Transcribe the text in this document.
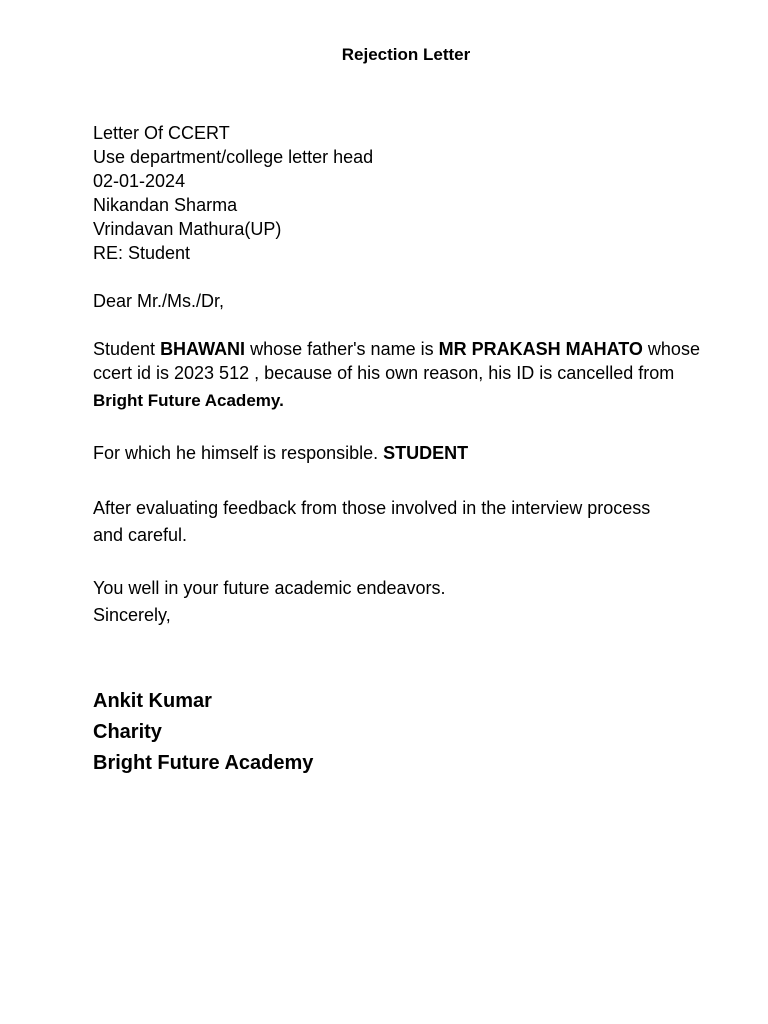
Rejection Letter
Letter Of CCERT
Use department/college letter head
02-01-2024
Nikandan Sharma
Vrindavan Mathura(UP)
RE: Student
Dear Mr./Ms./Dr,
Student BHAWANI whose father's name is MR PRAKASH MAHATO whose
ccert id is 2023 512 , because of his own reason, his ID is cancelled from
Bright Future Academy.
For which he himself is responsible. STUDENT
After evaluating feedback from those involved in the interview process
and careful.
You well in your future academic endeavors.
Sincerely,
Ankit Kumar
Charity
Bright Future Academy
